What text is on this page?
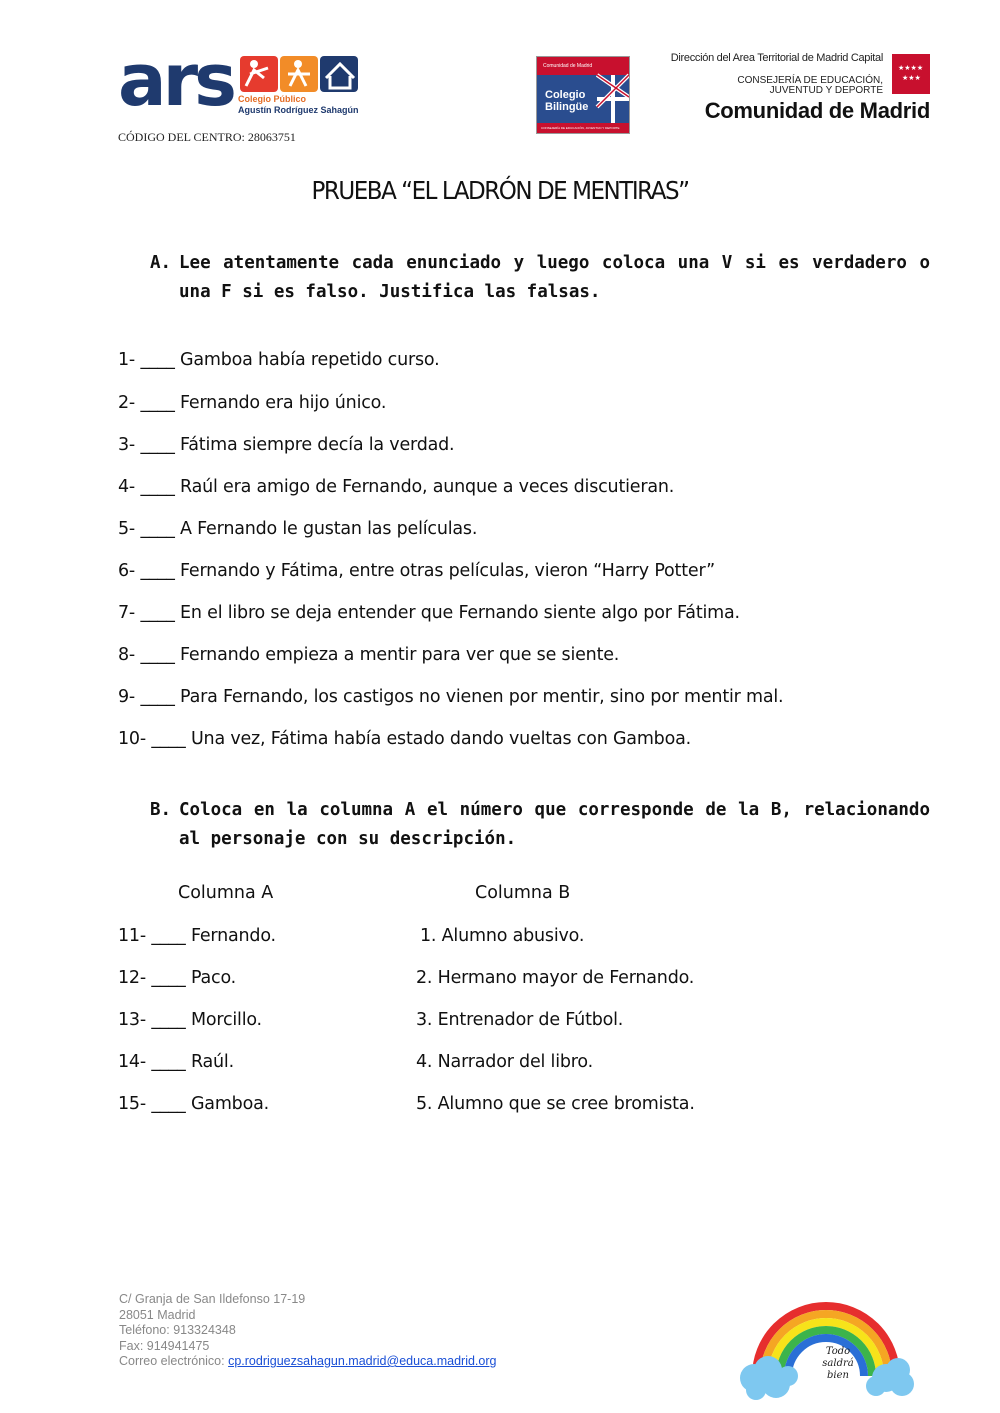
ars Colegio Público
Agustín Rodríguez Sahagún
CÓDIGO DEL CENTRO: 28063751
Comunidad de Madrid
Colegio
Bilingüe
CONSEJERÍA DE EDUCACIÓN, JUVENTUD Y DEPORTE
Dirección del Area Territorial de Madrid Capital
CONSEJERÍA DE EDUCACIÓN,
JUVENTUD Y DEPORTE
★★★★
★★★
Comunidad de Madrid
PRUEBA “EL LADRÓN DE MENTIRAS”
A. Lee atentamente cada enunciado y luego coloca una V si es verdadero o una F si es falso. Justifica las falsas.
1- ____ Gamboa había repetido curso.
2- ____ Fernando era hijo único.
3- ____ Fátima siempre decía la verdad.
4- ____ Raúl era amigo de Fernando, aunque a veces discutieran.
5- ____ A Fernando le gustan las películas.
6- ____ Fernando y Fátima, entre otras películas, vieron “Harry Potter”
7- ____ En el libro se deja entender que Fernando siente algo por Fátima.
8- ____ Fernando empieza a mentir para ver que se siente.
9- ____ Para Fernando, los castigos no vienen por mentir, sino por mentir mal.
10- ____ Una vez, Fátima había estado dando vueltas con Gamboa.
B. Coloca en la columna A el número que corresponde de la B, relacionando al personaje con su descripción.
Columna A	Columna B
11- ____ Fernando.
12- ____ Paco.
13- ____ Morcillo.
14- ____ Raúl.
15- ____ Gamboa.
1. Alumno abusivo.
2. Hermano mayor de Fernando.
3. Entrenador de Fútbol.
4. Narrador del libro.
5. Alumno que se cree bromista.
C/ Granja de San Ildefonso 17-19
28051 Madrid
Teléfono: 913324348
Fax: 914941475
Correo electrónico: cp.rodriguezsahagun.madrid@educa.madrid.org
Todo
saldrá
bien
